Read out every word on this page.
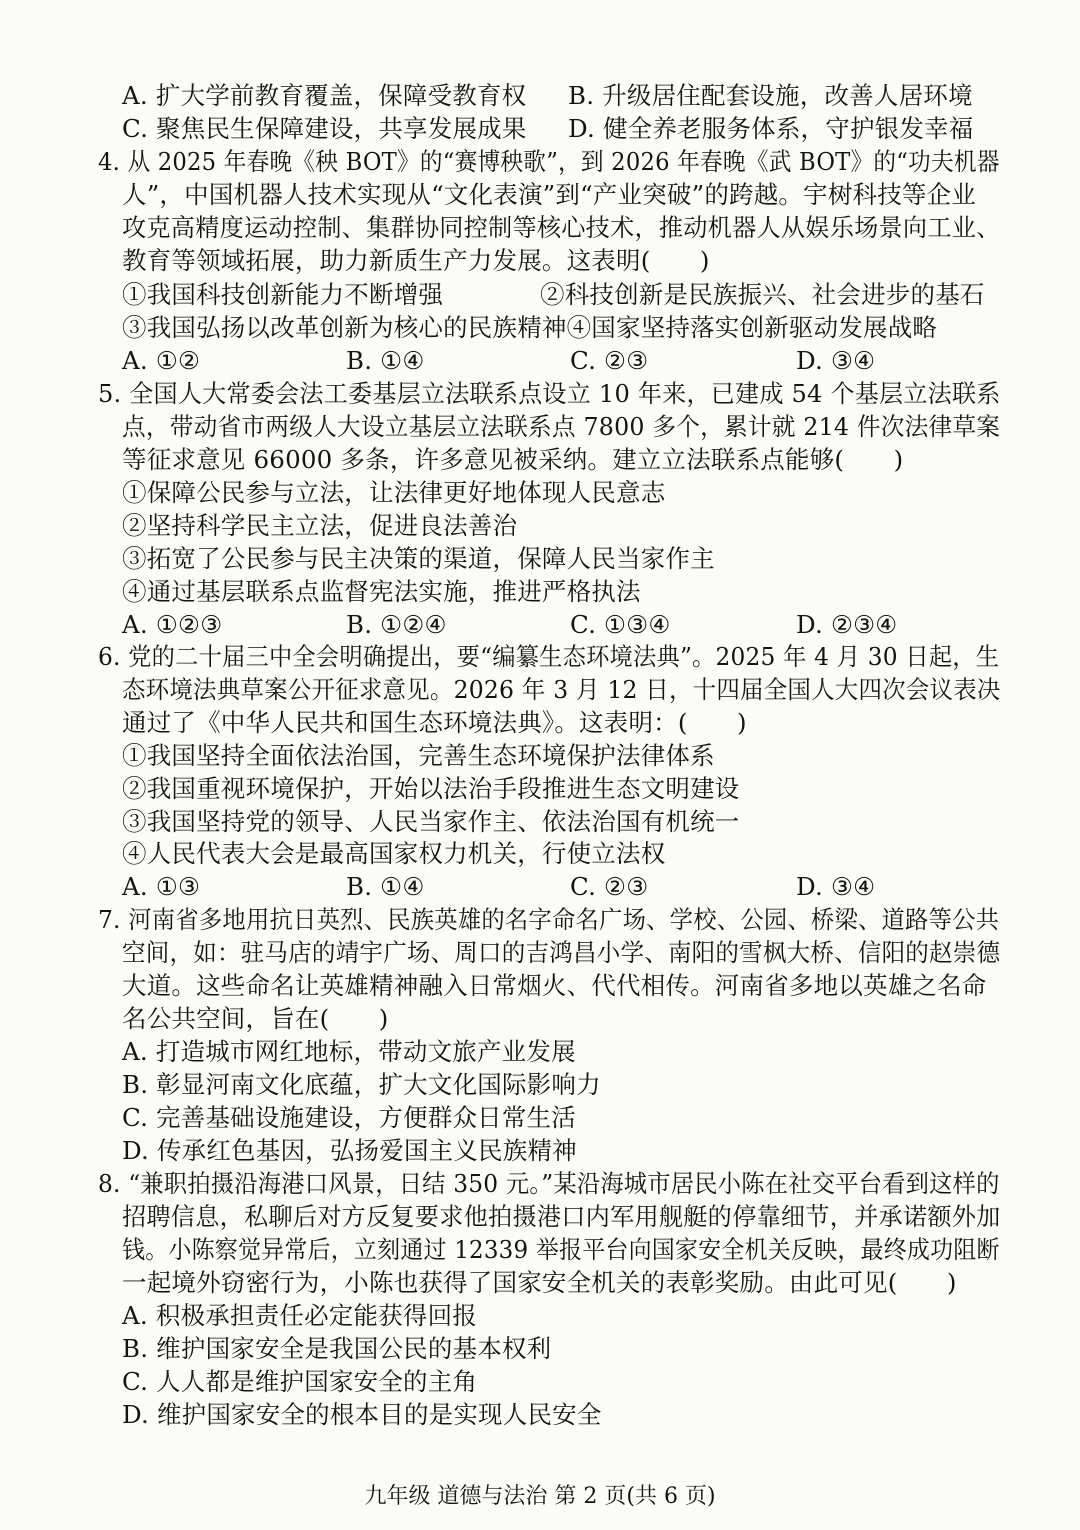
A. 扩大学前教育覆盖，保障受教育权 B. 升级居住配套设施，改善人居环境
C. 聚焦民生保障建设，共享发展成果 D. 健全养老服务体系，守护银发幸福
4. 从 2025 年春晚《秧 BOT》的“赛博秧歌”，到 2026 年春晚《武 BOT》的“功夫机器
人”，中国机器人技术实现从“文化表演”到“产业突破”的跨越。宇树科技等企业
攻克高精度运动控制、集群协同控制等核心技术，推动机器人从娱乐场景向工业、
教育等领域拓展，助力新质生产力发展。这表明(　　)
①我国科技创新能力不断增强	②科技创新是民族振兴、社会进步的基石
③我国弘扬以改革创新为核心的民族精神④国家坚持落实创新驱动发展战略
A. ①②	B. ①④	C. ②③	D. ③④
5. 全国人大常委会法工委基层立法联系点设立 10 年来，已建成 54 个基层立法联系
点，带动省市两级人大设立基层立法联系点 7800 多个，累计就 214 件次法律草案
等征求意见 66000 多条，许多意见被采纳。建立立法联系点能够(　　)
①保障公民参与立法，让法律更好地体现人民意志
②坚持科学民主立法，促进良法善治
③拓宽了公民参与民主决策的渠道，保障人民当家作主
④通过基层联系点监督宪法实施，推进严格执法
A. ①②③	B. ①②④	C. ①③④	D. ②③④
6. 党的二十届三中全会明确提出，要“编纂生态环境法典”。2025 年 4 月 30 日起，生
态环境法典草案公开征求意见。2026 年 3 月 12 日，十四届全国人大四次会议表决
通过了《中华人民共和国生态环境法典》。这表明：(　　)
①我国坚持全面依法治国，完善生态环境保护法律体系
②我国重视环境保护，开始以法治手段推进生态文明建设
③我国坚持党的领导、人民当家作主、依法治国有机统一
④人民代表大会是最高国家权力机关，行使立法权
A. ①③	B. ①④	C. ②③	D. ③④
7. 河南省多地用抗日英烈、民族英雄的名字命名广场、学校、公园、桥梁、道路等公共
空间，如：驻马店的靖宇广场、周口的吉鸿昌小学、南阳的雪枫大桥、信阳的赵崇德
大道。这些命名让英雄精神融入日常烟火、代代相传。河南省多地以英雄之名命
名公共空间，旨在(　　)
A. 打造城市网红地标，带动文旅产业发展
B. 彰显河南文化底蕴，扩大文化国际影响力
C. 完善基础设施建设，方便群众日常生活
D. 传承红色基因，弘扬爱国主义民族精神
8. “兼职拍摄沿海港口风景，日结 350 元。”某沿海城市居民小陈在社交平台看到这样的
招聘信息，私聊后对方反复要求他拍摄港口内军用舰艇的停靠细节，并承诺额外加
钱。小陈察觉异常后，立刻通过 12339 举报平台向国家安全机关反映，最终成功阻断
一起境外窃密行为，小陈也获得了国家安全机关的表彰奖励。由此可见(　　)
A. 积极承担责任必定能获得回报
B. 维护国家安全是我国公民的基本权利
C. 人人都是维护国家安全的主角
D. 维护国家安全的根本目的是实现人民安全
九年级 道德与法治 第 2 页(共 6 页)
